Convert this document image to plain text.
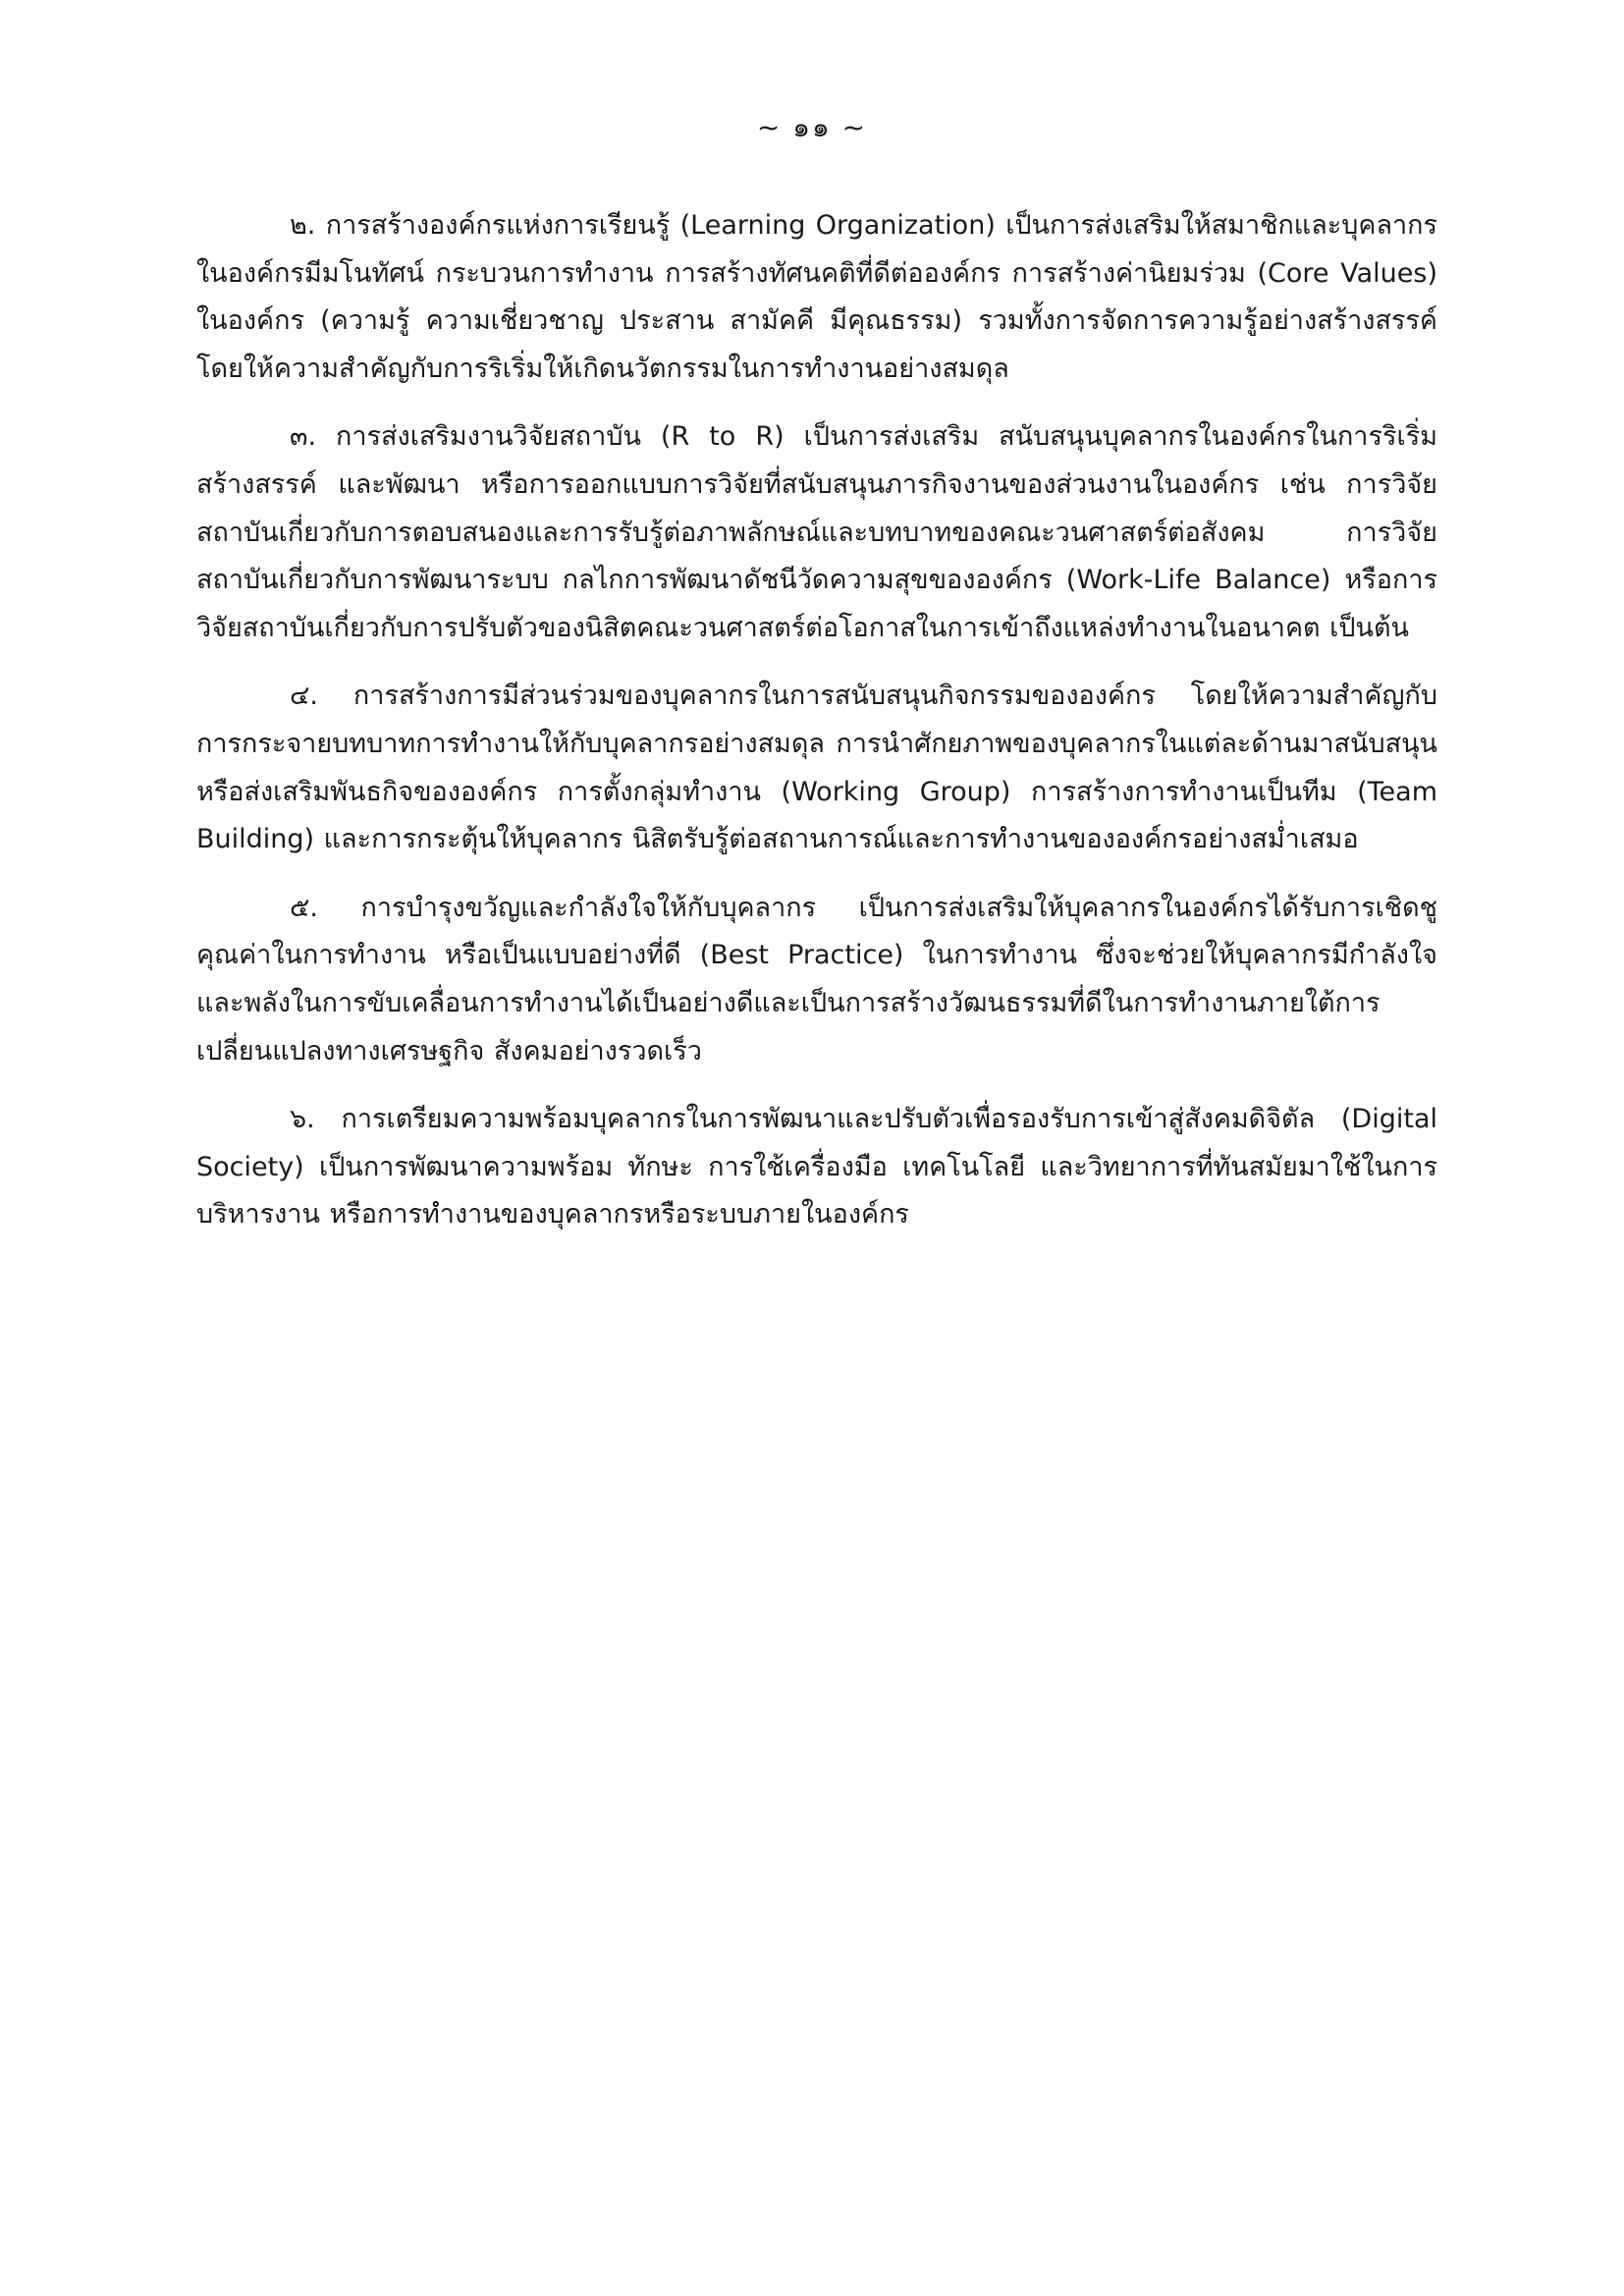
~ ๑๑ ~

๒. การสร้างองค์กรแห่งการเรียนรู้ (Learning Organization) เป็นการส่งเสริมให้สมาชิกและบุคลากรในองค์กรมีมโนทัศน์ กระบวนการทำงาน การสร้างทัศนคติที่ดีต่อองค์กร การสร้างค่านิยมร่วม (Core Values) ในองค์กร (ความรู้ ความเชี่ยวชาญ ประสาน สามัคคี มีคุณธรรม) รวมทั้งการจัดการความรู้อย่างสร้างสรรค์ โดยให้ความสำคัญกับการริเริ่มให้เกิดนวัตกรรมในการทำงานอย่างสมดุล

๓. การส่งเสริมงานวิจัยสถาบัน (R to R) เป็นการส่งเสริม สนับสนุนบุคลากรในองค์กรในการริเริ่มสร้างสรรค์ และพัฒนา หรือการออกแบบการวิจัยที่สนับสนุนภารกิจงานของส่วนงานในองค์กร เช่น การวิจัยสถาบันเกี่ยวกับการตอบสนองและการรับรู้ต่อภาพลักษณ์และบทบาทของคณะวนศาสตร์ต่อสังคม การวิจัยสถาบันเกี่ยวกับการพัฒนาระบบ กลไกการพัฒนาดัชนีวัดความสุขขององค์กร (Work-Life Balance) หรือการวิจัยสถาบันเกี่ยวกับการปรับตัวของนิสิตคณะวนศาสตร์ต่อโอกาสในการเข้าถึงแหล่งทำงานในอนาคต เป็นต้น

๔. การสร้างการมีส่วนร่วมของบุคลากรในการสนับสนุนกิจกรรมขององค์กร โดยให้ความสำคัญกับการกระจายบทบาทการทำงานให้กับบุคลากรอย่างสมดุล การนำศักยภาพของบุคลากรในแต่ละด้านมาสนับสนุนหรือส่งเสริมพันธกิจขององค์กร การตั้งกลุ่มทำงาน (Working Group) การสร้างการทำงานเป็นทีม (Team Building) และการกระตุ้นให้บุคลากร นิสิตรับรู้ต่อสถานการณ์และการทำงานขององค์กรอย่างสม่ำเสมอ

๕. การบำรุงขวัญและกำลังใจให้กับบุคลากร เป็นการส่งเสริมให้บุคลากรในองค์กรได้รับการเชิดชูคุณค่าในการทำงาน หรือเป็นแบบอย่างที่ดี (Best Practice) ในการทำงาน ซึ่งจะช่วยให้บุคลากรมีกำลังใจและพลังในการขับเคลื่อนการทำงานได้เป็นอย่างดีและเป็นการสร้างวัฒนธรรมที่ดีในการทำงานภายใต้การเปลี่ยนแปลงทางเศรษฐกิจ สังคมอย่างรวดเร็ว

๖. การเตรียมความพร้อมบุคลากรในการพัฒนาและปรับตัวเพื่อรองรับการเข้าสู่สังคมดิจิตัล (Digital Society) เป็นการพัฒนาความพร้อม ทักษะ การใช้เครื่องมือ เทคโนโลยี และวิทยาการที่ทันสมัยมาใช้ในการบริหารงาน หรือการทำงานของบุคลากรหรือระบบภายในองค์กร
